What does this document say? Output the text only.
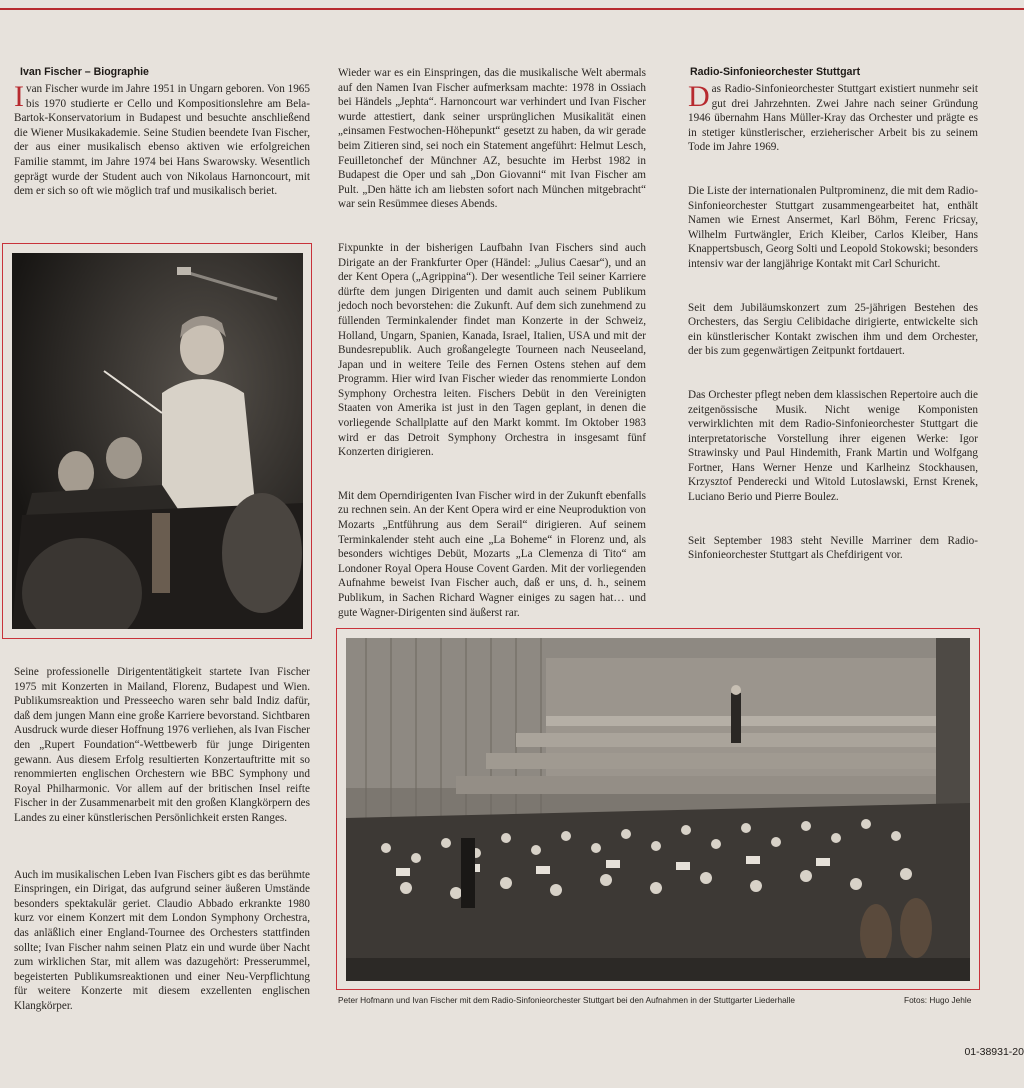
Ivan Fischer – Biographie

Ivan Fischer wurde im Jahre 1951 in Ungarn geboren. Von 1965 bis 1970 studierte er Cello und Kompositionslehre am Bela-Bartok-Konservatorium in Budapest und besuchte anschließend die Wiener Musikakademie. Seine Studien beendete Ivan Fischer, der aus einer musikalisch ebenso aktiven wie erfolgreichen Familie stammt, im Jahre 1974 bei Hans Swarowsky. Wesentlich geprägt wurde der Student auch von Nikolaus Harnoncourt, mit dem er sich so oft wie möglich traf und musikalisch beriet.

Seine professionelle Dirigententätigkeit startete Ivan Fischer 1975 mit Konzerten in Mailand, Florenz, Budapest und Wien. Publikumsreaktion und Presseecho waren sehr bald Indiz dafür, daß dem jungen Mann eine große Karriere bevorstand. Sichtbaren Ausdruck wurde dieser Hoffnung 1976 verliehen, als Ivan Fischer den „Rupert Foundation“-Wettbewerb für junge Dirigenten gewann. Aus diesem Erfolg resultierten Konzertauftritte mit so renommierten englischen Orchestern wie BBC Symphony und Royal Philharmonic. Vor allem auf der britischen Insel reifte Fischer in der Zusammenarbeit mit den großen Klangkörpern des Landes zu einer künstlerischen Persönlichkeit ersten Ranges.

Auch im musikalischen Leben Ivan Fischers gibt es das berühmte Einspringen, ein Dirigat, das aufgrund seiner äußeren Umstände besonders spektakulär geriet. Claudio Abbado erkrankte 1980 kurz vor einem Konzert mit dem London Symphony Orchestra, das anläßlich einer England-Tournee des Orchesters stattfinden sollte; Ivan Fischer nahm seinen Platz ein und wurde über Nacht zum wirklichen Star, mit allem was dazugehört: Presserummel, begeisterten Publikumsreaktionen und einer Neu-Verpflichtung für weitere Konzerte mit diesem exzellenten englischen Klangkörper.

Wieder war es ein Einspringen, das die musikalische Welt abermals auf den Namen Ivan Fischer aufmerksam machte: 1978 in Ossiach bei Händels „Jephta“. Harnoncourt war verhindert und Ivan Fischer wurde attestiert, dank seiner ursprünglichen Musikalität einen „einsamen Festwochen-Höhepunkt“ gesetzt zu haben, da wir gerade beim Zitieren sind, sei noch ein Statement angeführt: Helmut Lesch, Feuilletonchef der Münchner AZ, besuchte im Herbst 1982 in Budapest die Oper und sah „Don Giovanni“ mit Ivan Fischer am Pult. „Den hätte ich am liebsten sofort nach München mitgebracht“ war sein Resümmee dieses Abends.

Fixpunkte in der bisherigen Laufbahn Ivan Fischers sind auch Dirigate an der Frankfurter Oper (Händel: „Julius Caesar“), und an der Kent Opera („Agrippina“). Der wesentliche Teil seiner Karriere dürfte dem jungen Dirigenten und damit auch seinem Publikum jedoch noch bevorstehen: die Zukunft. Auf dem sich zunehmend zu füllenden Terminkalender findet man Konzerte in der Schweiz, Holland, Ungarn, Spanien, Kanada, Israel, Italien, USA und mit der Bundesrepublik. Auch großangelegte Tourneen nach Neuseeland, Japan und in weitere Teile des Fernen Ostens stehen auf dem Programm. Hier wird Ivan Fischer wieder das renommierte London Symphony Orchestra leiten. Fischers Debüt in den Vereinigten Staaten von Amerika ist just in den Tagen geplant, in denen die vorliegende Schallplatte auf den Markt kommt. Im Oktober 1983 wird er das Detroit Symphony Orchestra in insgesamt fünf Konzerten dirigieren.

Mit dem Operndirigenten Ivan Fischer wird in der Zukunft ebenfalls zu rechnen sein. An der Kent Opera wird er eine Neuproduktion von Mozarts „Entführung aus dem Serail“ dirigieren. Auf seinem Terminkalender steht auch eine „La Boheme“ in Florenz und, als besonders wichtiges Debüt, Mozarts „La Clemenza di Tito“ am Londoner Royal Opera House Covent Garden. Mit der vorliegenden Aufnahme beweist Ivan Fischer auch, daß er uns, d. h., seinem Publikum, in Sachen Richard Wagner einiges zu sagen hat… und gute Wagner-Dirigenten sind äußerst rar.

Radio-Sinfonieorchester Stuttgart

Das Radio-Sinfonieorchester Stuttgart existiert nunmehr seit gut drei Jahrzehnten. Zwei Jahre nach seiner Gründung 1946 übernahm Hans Müller-Kray das Orchester und prägte es in stetiger künstlerischer, erzieherischer Arbeit bis zu seinem Tode im Jahre 1969.

Die Liste der internationalen Pultprominenz, die mit dem Radio-Sinfonieorchester Stuttgart zusammengearbeitet hat, enthält Namen wie Ernest Ansermet, Karl Böhm, Ferenc Fricsay, Wilhelm Furtwängler, Erich Kleiber, Carlos Kleiber, Hans Knappertsbusch, Georg Solti und Leopold Stokowski; besonders intensiv war der langjährige Kontakt mit Carl Schuricht.

Seit dem Jubiläumskonzert zum 25-jährigen Bestehen des Orchesters, das Sergiu Celibidache dirigierte, entwickelte sich ein künstlerischer Kontakt zwischen ihm und dem Orchester, der bis zum gegenwärtigen Zeitpunkt fortdauert.

Das Orchester pflegt neben dem klassischen Repertoire auch die zeitgenössische Musik. Nicht wenige Komponisten verwirklichten mit dem Radio-Sinfonieorchester Stuttgart die interpretatorische Vorstellung ihrer eigenen Werke: Igor Strawinsky und Paul Hindemith, Frank Martin und Wolfgang Fortner, Hans Werner Henze und Karlheinz Stockhausen, Krzysztof Penderecki und Witold Lutoslawski, Ernst Krenek, Luciano Berio und Pierre Boulez.

Seit September 1983 steht Neville Marriner dem Radio-Sinfonieorchester Stuttgart als Chefdirigent vor.

Peter Hofmann und Ivan Fischer mit dem Radio-Sinfonieorchester Stuttgart bei den Aufnahmen in der Stuttgarter Liederhalle	Fotos: Hugo Jehle
01-38931-20
